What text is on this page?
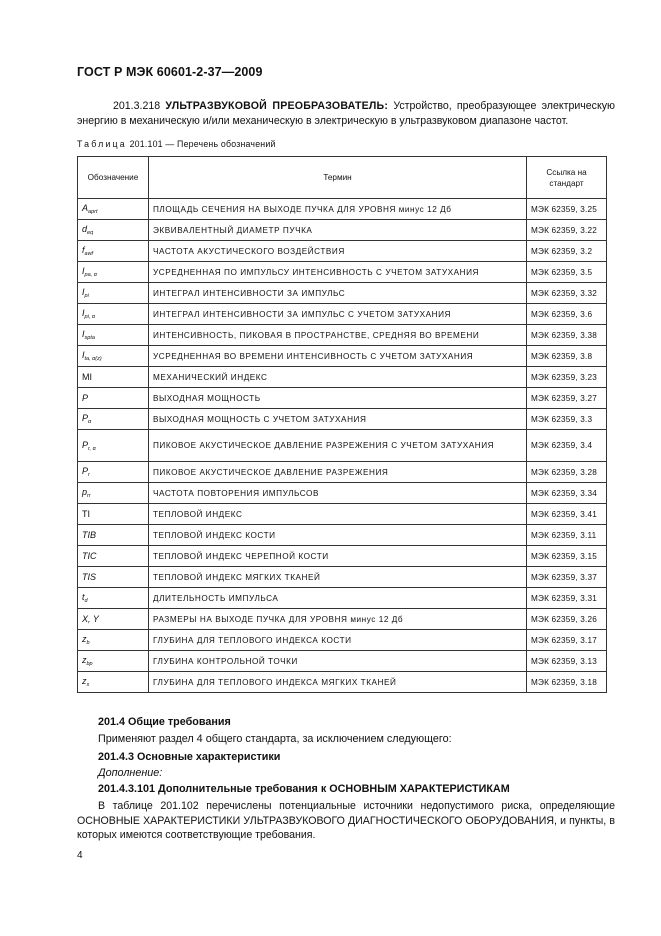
ГОСТ Р МЭК 60601-2-37—2009
201.3.218 УЛЬТРАЗВУКОВОЙ ПРЕОБРАЗОВАТЕЛЬ: Устройство, преобразующее электрическую энергию в механическую и/или механическую в электрическую в ультразвуковом диапазоне частот.
Таблица 201.101 — Перечень обозначений
Обозначение	Термин	Ссылка на стандарт
$A_{aprt}$	ПЛОЩАДЬ СЕЧЕНИЯ НА ВЫХОДЕ ПУЧКА ДЛЯ УРОВНЯ минус 12 Дб	МЭК 62359, 3.25
$d_{eq}$	ЭКВИВАЛЕНТНЫЙ ДИАМЕТР ПУЧКА	МЭК 62359, 3.22
$f_{awf}$	ЧАСТОТА АКУСТИЧЕСКОГО ВОЗДЕЙСТВИЯ	МЭК 62359, 3.2
$I_{pa, \alpha}$	УСРЕДНЕННАЯ ПО ИМПУЛЬСУ ИНТЕНСИВНОСТЬ С УЧЕТОМ ЗАТУХАНИЯ	МЭК 62359, 3.5
$I_{pi}$	ИНТЕГРАЛ ИНТЕНСИВНОСТИ ЗА ИМПУЛЬС	МЭК 62359, 3.32
$I_{pi, \alpha}$	ИНТЕГРАЛ ИНТЕНСИВНОСТИ ЗА ИМПУЛЬС С УЧЕТОМ ЗАТУХАНИЯ	МЭК 62359, 3.6
$I_{spta}$	ИНТЕНСИВНОСТЬ, ПИКОВАЯ В ПРОСТРАНСТВЕ, СРЕДНЯЯ ВО ВРЕМЕНИ	МЭК 62359, 3.38
$I_{ta, \alpha(z)}$	УСРЕДНЕННАЯ ВО ВРЕМЕНИ ИНТЕНСИВНОСТЬ С УЧЕТОМ ЗАТУХАНИЯ	МЭК 62359, 3.8
MI	МЕХАНИЧЕСКИЙ ИНДЕКС	МЭК 62359, 3.23
P	ВЫХОДНАЯ МОЩНОСТЬ	МЭК 62359, 3.27
$P_\alpha$	ВЫХОДНАЯ МОЩНОСТЬ С УЧЕТОМ ЗАТУХАНИЯ	МЭК 62359, 3.3
$P_{r, \alpha}$	ПИКОВОЕ АКУСТИЧЕСКОЕ ДАВЛЕНИЕ РАЗРЕЖЕНИЯ С УЧЕТОМ ЗАТУХАНИЯ	МЭК 62359, 3.4
$P_r$	ПИКОВОЕ АКУСТИЧЕСКОЕ ДАВЛЕНИЕ РАЗРЕЖЕНИЯ	МЭК 62359, 3.28
$p_{rr}$	ЧАСТОТА ПОВТОРЕНИЯ ИМПУЛЬСОВ	МЭК 62359, 3.34
TI	ТЕПЛОВОЙ ИНДЕКС	МЭК 62359, 3.41
TIB	ТЕПЛОВОЙ ИНДЕКС КОСТИ	МЭК 62359, 3.11
TIC	ТЕПЛОВОЙ ИНДЕКС ЧЕРЕПНОЙ КОСТИ	МЭК 62359, 3.15
TIS	ТЕПЛОВОЙ ИНДЕКС МЯГКИХ ТКАНЕЙ	МЭК 62359, 3.37
$t_d$	ДЛИТЕЛЬНОСТЬ ИМПУЛЬСА	МЭК 62359, 3.31
X, Y	РАЗМЕРЫ НА ВЫХОДЕ ПУЧКА ДЛЯ УРОВНЯ минус 12 Дб	МЭК 62359, 3.26
$z_b$	ГЛУБИНА ДЛЯ ТЕПЛОВОГО ИНДЕКСА КОСТИ	МЭК 62359, 3.17
$z_{bp}$	ГЛУБИНА КОНТРОЛЬНОЙ ТОЧКИ	МЭК 62359, 3.13
$z_s$	ГЛУБИНА ДЛЯ ТЕПЛОВОГО ИНДЕКСА МЯГКИХ ТКАНЕЙ	МЭК 62359, 3.18
201.4 Общие требования
Применяют раздел 4 общего стандарта, за исключением следующего:
201.4.3 Основные характеристики
Дополнение:
201.4.3.101 Дополнительные требования к ОСНОВНЫМ ХАРАКТЕРИСТИКАМ
В таблице 201.102 перечислены потенциальные источники недопустимого риска, определяющие ОСНОВНЫЕ ХАРАКТЕРИСТИКИ УЛЬТРАЗВУКОВОГО ДИАГНОСТИЧЕСКОГО ОБОРУДОВАНИЯ, и пункты, в которых имеются соответствующие требования.
4
